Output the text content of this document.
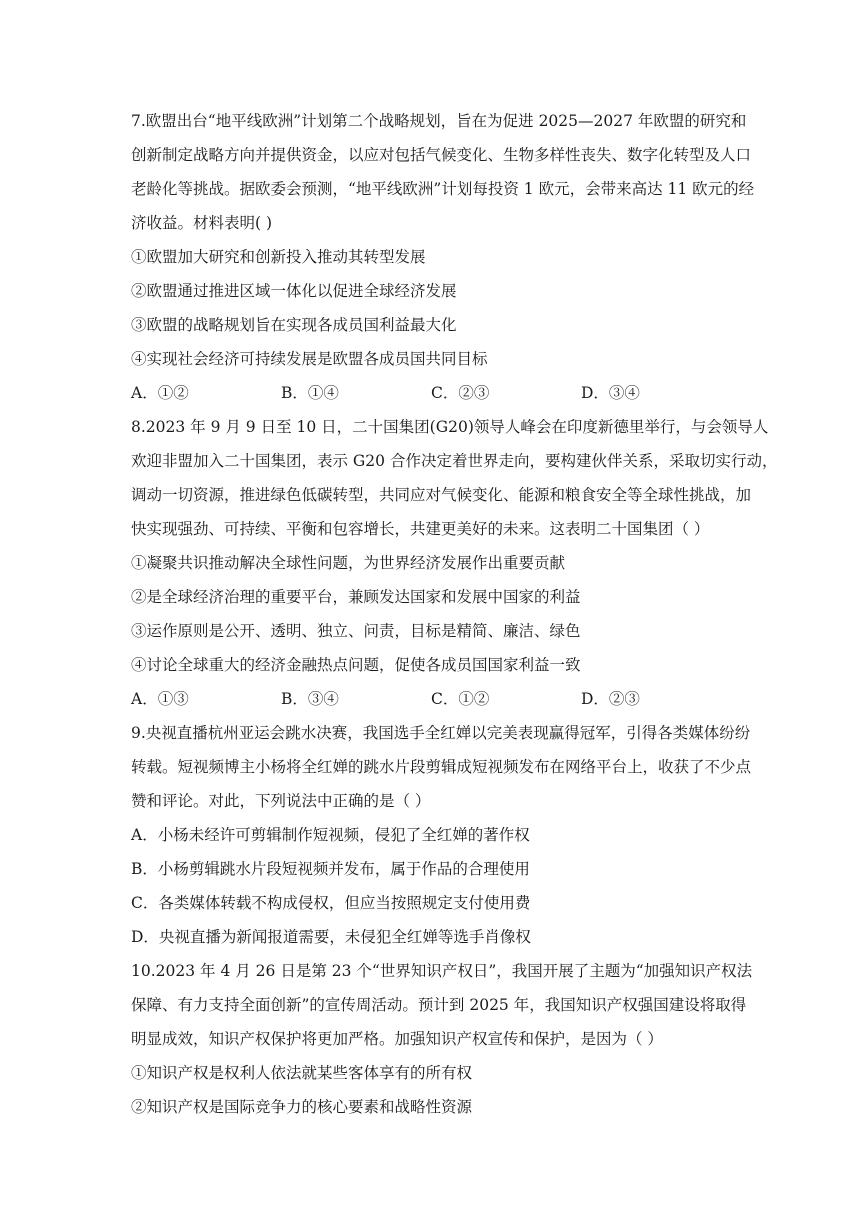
7.欧盟出台“地平线欧洲”计划第二个战略规划，旨在为促进 2025—2027 年欧盟的研究和
创新制定战略方向并提供资金，以应对包括气候变化、生物多样性丧失、数字化转型及人口
老龄化等挑战。据欧委会预测，“地平线欧洲”计划每投资 1 欧元，会带来高达 11 欧元的经
济收益。材料表明( )
①欧盟加大研究和创新投入推动其转型发展
②欧盟通过推进区域一体化以促进全球经济发展
③欧盟的战略规划旨在实现各成员国利益最大化
④实现社会经济可持续发展是欧盟各成员国共同目标
A．①②	B．①④	C．②③	D．③④
8.2023 年 9 月 9 日至 10 日，二十国集团(G20)领导人峰会在印度新德里举行，与会领导人
欢迎非盟加入二十国集团，表示 G20 合作决定着世界走向，要构建伙伴关系，采取切实行动，
调动一切资源，推进绿色低碳转型，共同应对气候变化、能源和粮食安全等全球性挑战，加
快实现强劲、可持续、平衡和包容增长，共建更美好的未来。这表明二十国集团（ ）
①凝聚共识推动解决全球性问题，为世界经济发展作出重要贡献
②是全球经济治理的重要平台，兼顾发达国家和发展中国家的利益
③运作原则是公开、透明、独立、问责，目标是精简、廉洁、绿色
④讨论全球重大的经济金融热点问题，促使各成员国国家利益一致
A．①③	B．③④	C．①②	D．②③
9.央视直播杭州亚运会跳水决赛，我国选手全红婵以完美表现赢得冠军，引得各类媒体纷纷
转载。短视频博主小杨将全红婵的跳水片段剪辑成短视频发布在网络平台上，收获了不少点
赞和评论。对此，下列说法中正确的是（ ）
A．小杨未经许可剪辑制作短视频，侵犯了全红婵的著作权
B．小杨剪辑跳水片段短视频并发布，属于作品的合理使用
C．各类媒体转载不构成侵权，但应当按照规定支付使用费
D．央视直播为新闻报道需要，未侵犯全红婵等选手肖像权
10.2023 年 4 月 26 日是第 23 个“世界知识产权日”，我国开展了主题为“加强知识产权法
保障、有力支持全面创新”的宣传周活动。预计到 2025 年，我国知识产权强国建设将取得
明显成效，知识产权保护将更加严格。加强知识产权宣传和保护，是因为（ ）
①知识产权是权利人依法就某些客体享有的所有权
②知识产权是国际竞争力的核心要素和战略性资源
